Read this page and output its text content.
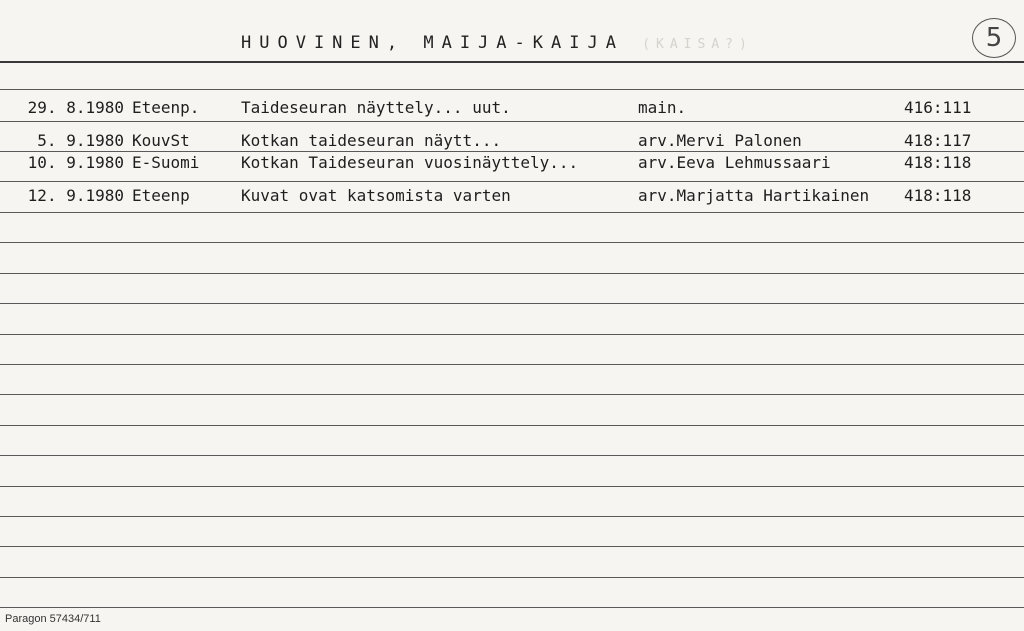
HUOVINEN, MAIJA-KAIJA (KAISA?)	5
29. 8.1980 Eteenp.	Taideseuran näyttely... uut.	main.	416:111
5. 9.1980 KouvSt	Kotkan taideseuran näytt...	arv.Mervi Palonen	418:117
10. 9.1980 E-Suomi	Kotkan Taideseuran vuosinäyttely...	arv.Eeva Lehmussaari	418:118
12. 9.1980 Eteenp	Kuvat ovat katsomista varten	arv.Marjatta Hartikainen 418:118
Paragon 57434/711
